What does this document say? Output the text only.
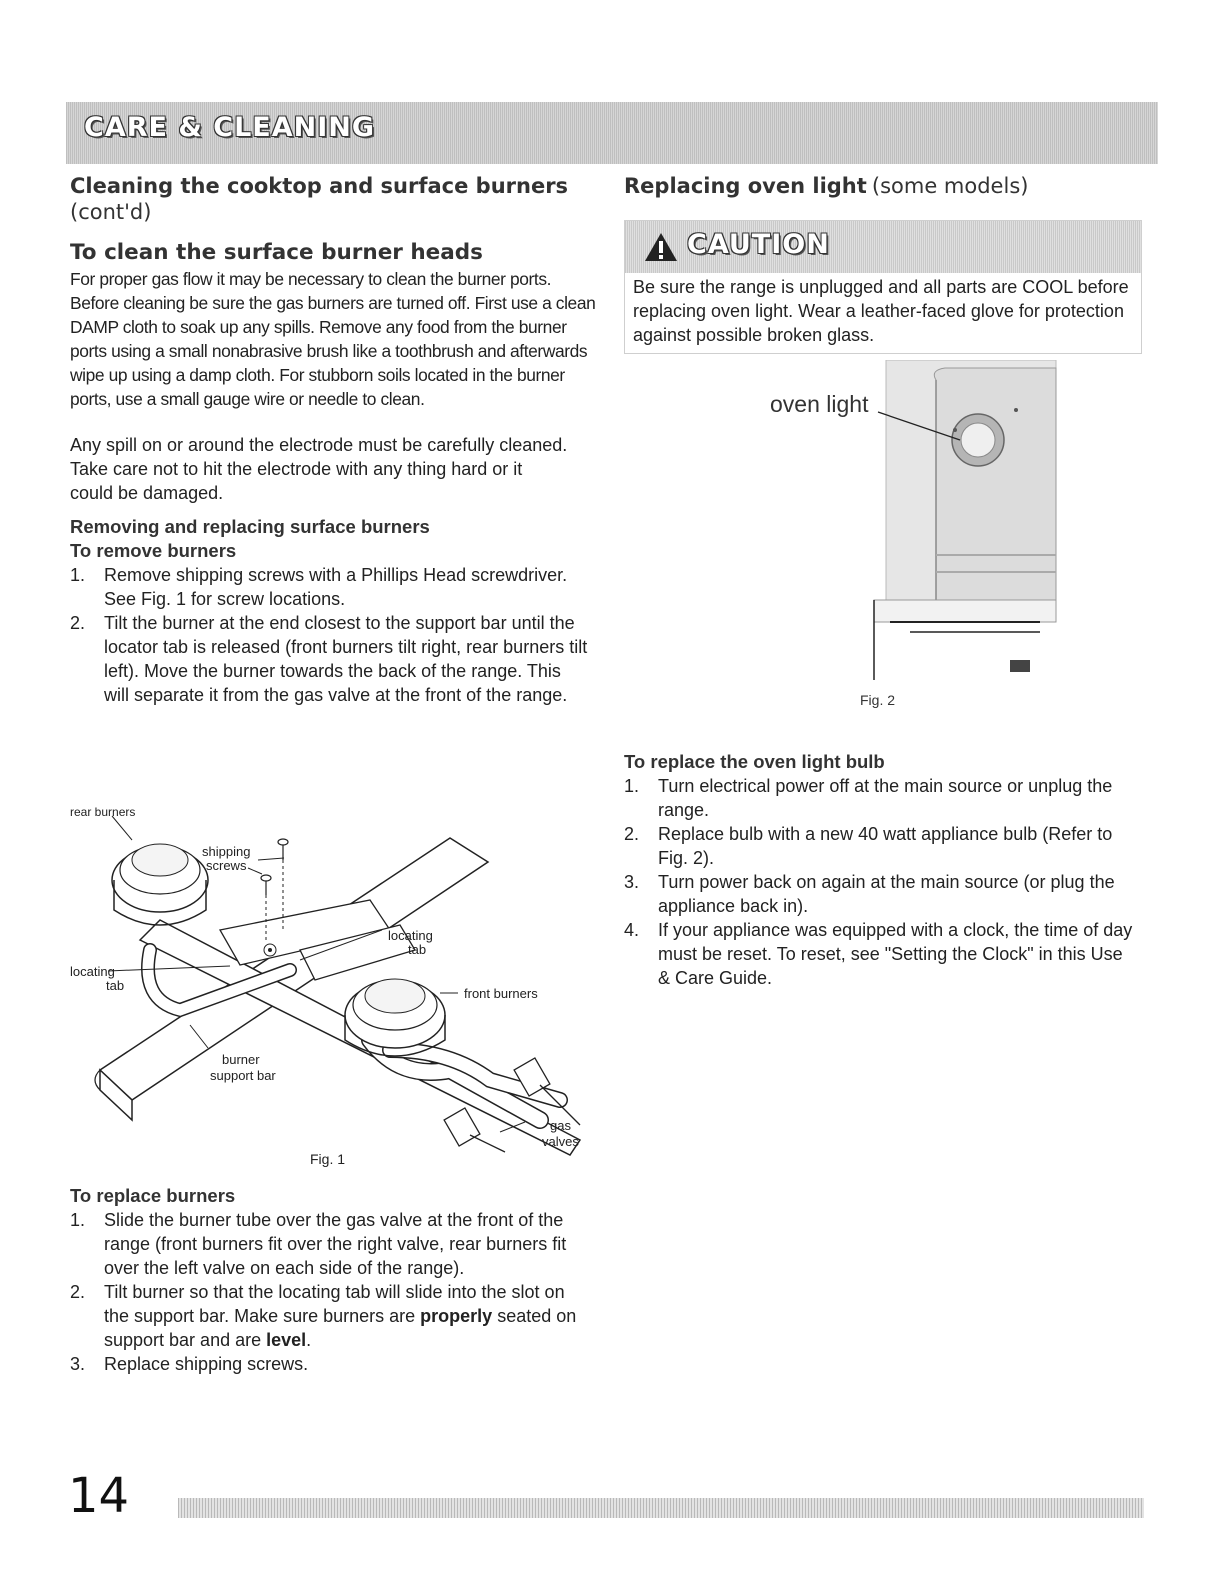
CARE & CLEANING
Cleaning the cooktop and surface burners
(cont'd)
To clean the surface burner heads
For proper gas flow it may be necessary to clean the burner ports. Before cleaning be sure the gas burners are turned off. First use a clean DAMP cloth to soak up any spills. Remove any food from the burner ports using a small nonabrasive brush like a toothbrush and afterwards wipe up using a damp cloth. For stubborn soils located in the burner ports, use a small gauge wire or needle to clean.
Any spill on or around the electrode must be carefully cleaned. Take care not to hit the electrode with any thing hard or it could be damaged.
Removing and replacing surface burners
To remove burners
1. Remove shipping screws with a Phillips Head screwdriver. See Fig. 1 for screw locations.
2. Tilt the burner at the end closest to the support bar until the locator tab is released (front burners tilt right, rear burners tilt left). Move the burner towards the back of the range. This will separate it from the gas valve at the front of the range.
rear burners
shipping
screws
locating
tab
locating
tab
front burners
burner
support bar
gas
valves
Fig. 1
To replace burners
1. Slide the burner tube over the gas valve at the front of the range (front burners fit over the right valve, rear burners fit over the left valve on each side of the range).
2. Tilt burner so that the locating tab will slide into the slot on the support bar. Make sure burners are properly seated on support bar and are level.
3. Replace shipping screws.
Replacing oven light (some models)
CAUTION
Be sure the range is unplugged and all parts are COOL before replacing oven light. Wear a leather-faced glove for protection against possible broken glass.
oven light
Fig. 2
To replace the oven light bulb
1. Turn electrical power off at the main source or unplug the range.
2. Replace bulb with a new 40 watt appliance bulb (Refer to Fig. 2).
3. Turn power back on again at the main source (or plug the appliance back in).
4. If your appliance was equipped with a clock, the time of day must be reset. To reset, see "Setting the Clock" in this Use & Care Guide.
14
